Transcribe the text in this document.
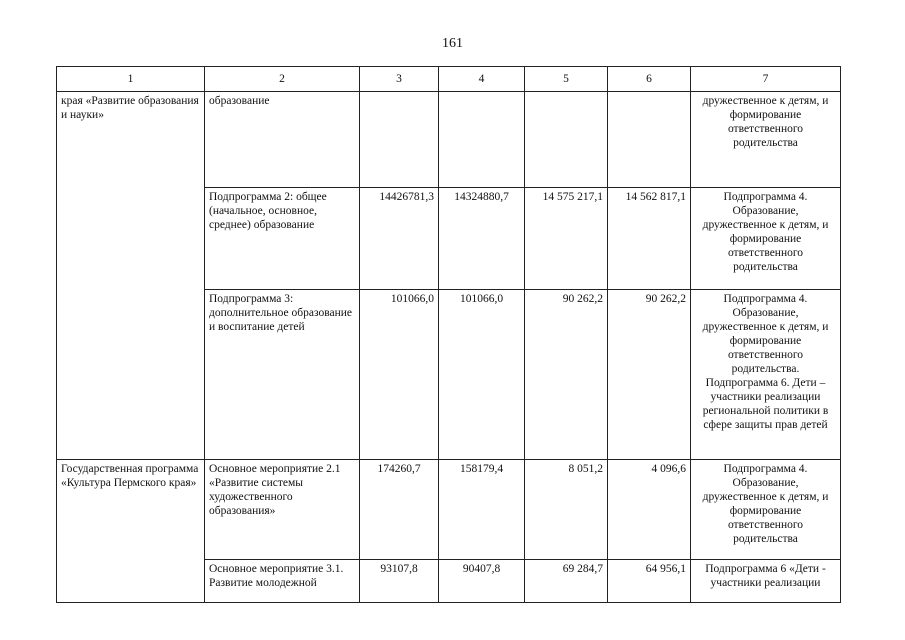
161
1	2	3	4	5	6	7
края «Развитие образования и науки»	образование					дружественное к детям, и формирование ответственного родительства
	Подпрограмма 2: общее (начальное, основное, среднее) образование	14426781,3	14324880,7	14 575 217,1	14 562 817,1	Подпрограмма 4. Образование, дружественное к детям, и формирование ответственного родительства
	Подпрограмма 3: дополнительное образование и воспитание детей	101066,0	101066,0	90 262,2	90 262,2	Подпрограмма 4. Образование, дружественное к детям, и формирование ответственного родительства. Подпрограмма 6. Дети – участники реализации региональной политики в сфере защиты прав детей
Государственная программа «Культура Пермского края»	Основное мероприятие 2.1 «Развитие системы художественного образования»	174260,7	158179,4	8 051,2	4 096,6	Подпрограмма 4. Образование, дружественное к детям, и формирование ответственного родительства
	Основное мероприятие 3.1. Развитие молодежной	93107,8	90407,8	69 284,7	64 956,1	Подпрограмма 6 «Дети - участники реализации
